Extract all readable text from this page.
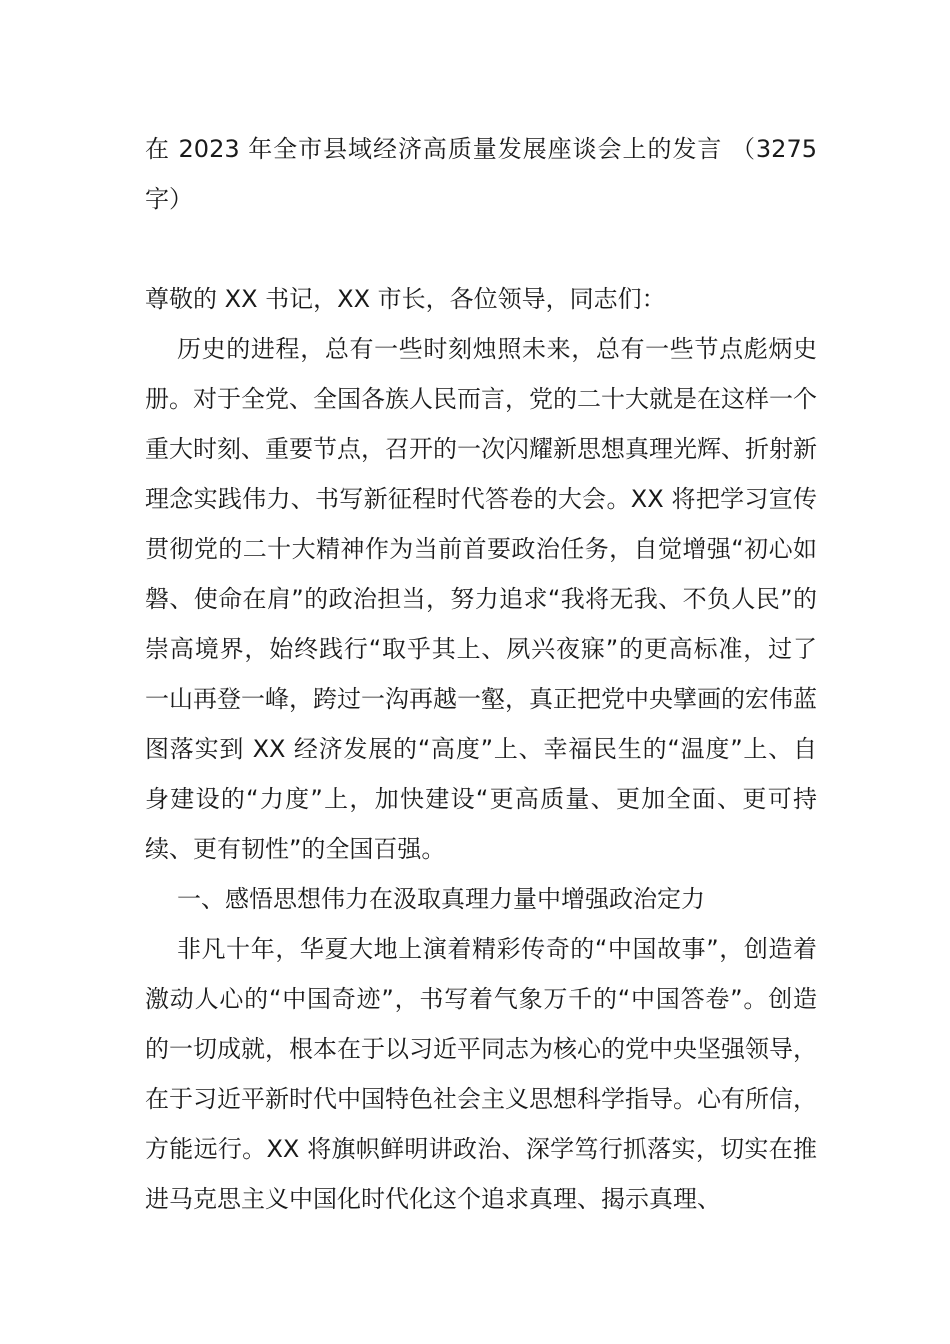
在 2023 年全市县域经济高质量发展座谈会上的发言 （3275 字）

尊敬的 XX 书记，XX 市长，各位领导，同志们：

历史的进程，总有一些时刻烛照未来，总有一些节点彪炳史册。对于全党、全国各族人民而言，党的二十大就是在这样一个重大时刻、重要节点，召开的一次闪耀新思想真理光辉、折射新理念实践伟力、书写新征程时代答卷的大会。XX 将把学习宣传贯彻党的二十大精神作为当前首要政治任务，自觉增强“初心如磐、使命在肩”的政治担当，努力追求“我将无我、不负人民”的崇高境界，始终践行“取乎其上、夙兴夜寐”的更高标准，过了一山再登一峰，跨过一沟再越一壑，真正把党中央擘画的宏伟蓝图落实到 XX 经济发展的“高度”上、幸福民生的“温度”上、自身建设的“力度”上，加快建设“更高质量、更加全面、更可持续、更有韧性”的全国百强。

一、感悟思想伟力在汲取真理力量中增强政治定力

非凡十年，华夏大地上演着精彩传奇的“中国故事”，创造着激动人心的“中国奇迹”，书写着气象万千的“中国答卷”。创造的一切成就，根本在于以习近平同志为核心的党中央坚强领导，在于习近平新时代中国特色社会主义思想科学指导。心有所信，方能远行。XX 将旗帜鲜明讲政治、深学笃行抓落实，切实在推进马克思主义中国化时代化这个追求真理、揭示真理、
